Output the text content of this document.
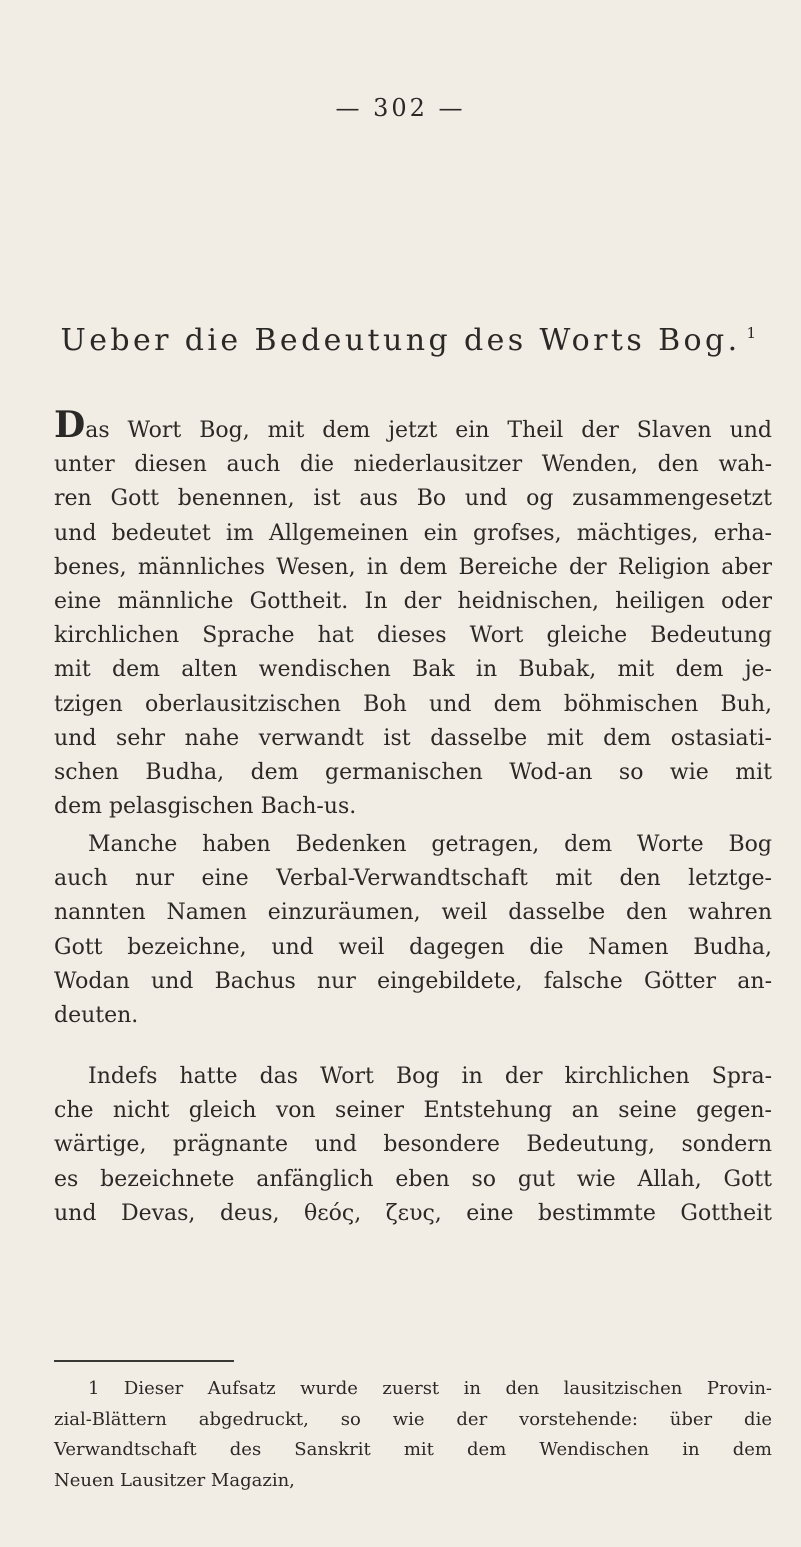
— 302 —
Ueber die Bedeutung des Worts Bog. $^1$
Das Wort Bog, mit dem jetzt ein Theil der Slaven und
unter diesen auch die niederlausitzer Wenden, den wah-
ren Gott benennen, ist aus Bo und og zusammengesetzt
und bedeutet im Allgemeinen ein grofses, mächtiges, erha-
benes, männliches Wesen, in dem Bereiche der Religion aber
eine männliche Gottheit. In der heidnischen, heiligen oder
kirchlichen Sprache hat dieses Wort gleiche Bedeutung
mit dem alten wendischen Bak in Bubak, mit dem je-
tzigen oberlausitzischen Boh und dem böhmischen Buh,
und sehr nahe verwandt ist dasselbe mit dem ostasiati-
schen Budha, dem germanischen Wod-an so wie mit
dem pelasgischen Bach-us.
Manche haben Bedenken getragen, dem Worte Bog
auch nur eine Verbal-Verwandtschaft mit den letztge-
nannten Namen einzuräumen, weil dasselbe den wahren
Gott bezeichne, und weil dagegen die Namen Budha,
Wodan und Bachus nur eingebildete, falsche Götter an-
deuten.
Indefs hatte das Wort Bog in der kirchlichen Spra-
che nicht gleich von seiner Entstehung an seine gegen-
wärtige, prägnante und besondere Bedeutung, sondern
es bezeichnete anfänglich eben so gut wie Allah, Gott
und Devas, deus, θεός, ζευς, eine bestimmte Gottheit
1 Dieser Aufsatz wurde zuerst in den lausitzischen Provin-
zial-Blättern abgedruckt, so wie der vorstehende: über die
Verwandtschaft des Sanskrit mit dem Wendischen in dem
Neuen Lausitzer Magazin,
